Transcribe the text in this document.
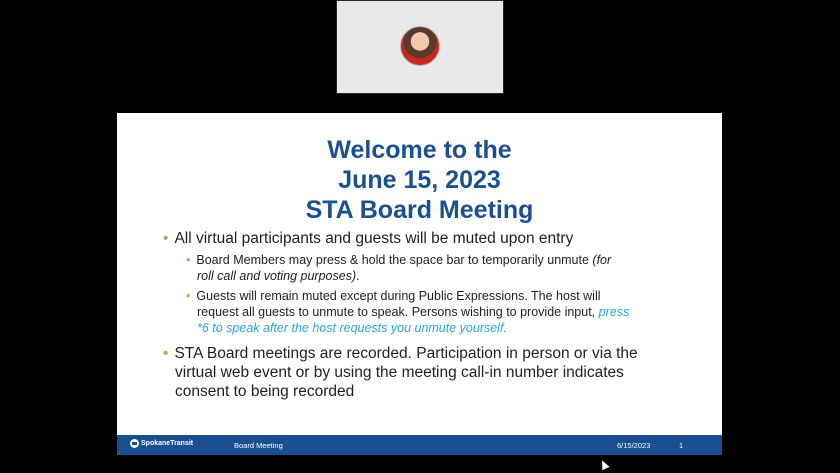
Welcome to the
June 15, 2023
STA Board Meeting
• All virtual participants and guests will be muted upon entry
• Board Members may press & hold the space bar to temporarily unmute (for
roll call and voting purposes).
• Guests will remain muted except during Public Expressions. The host will
request all guests to unmute to speak. Persons wishing to provide input, press
*6 to speak after the host requests you unmute yourself.
• STA Board meetings are recorded. Participation in person or via the
virtual web event or by using the meeting call-in number indicates
consent to being recorded
SpokaneTransit	Board Meeting	6/15/2023	1
